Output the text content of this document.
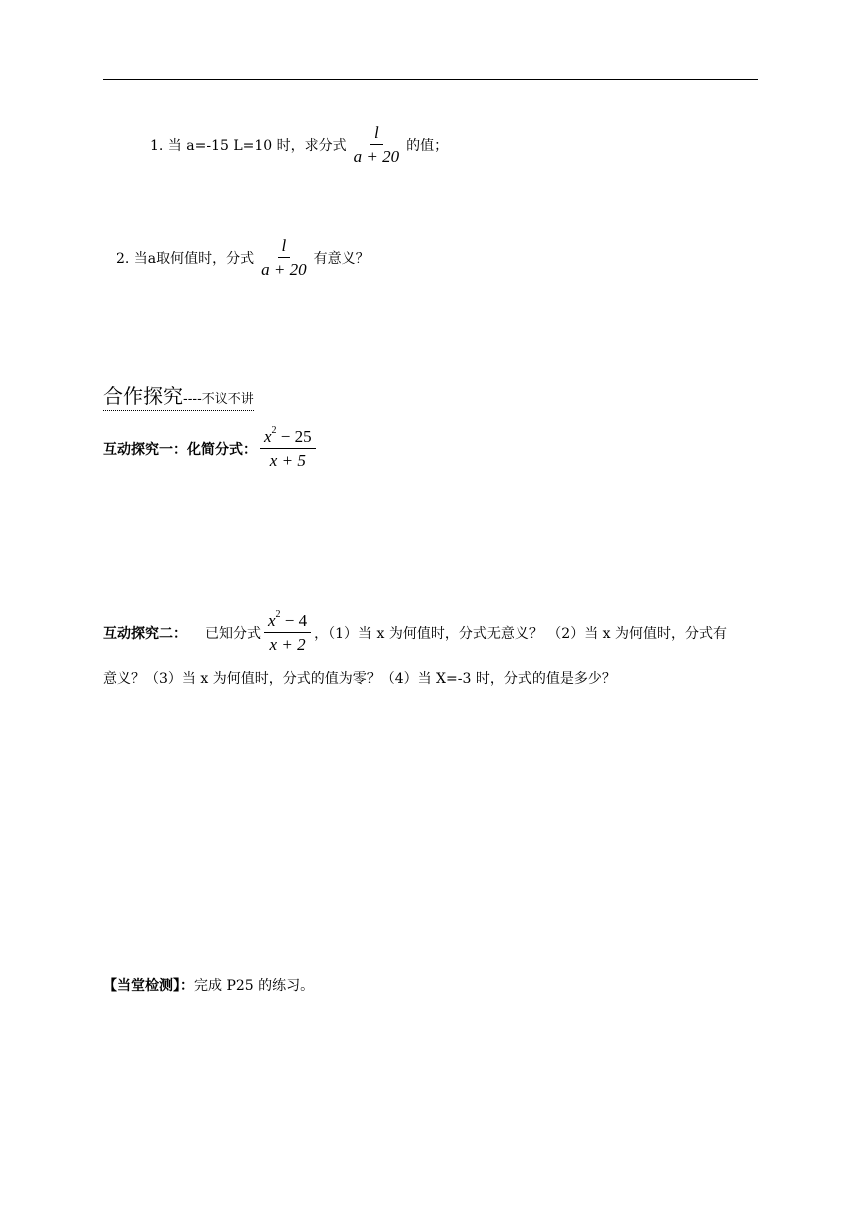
1. 当 a=-15 L=10 时，求分式 $\frac{l}{a + 20}$ 的值；
2. 当a取何值时，分式 $\frac{l}{a + 20}$ 有意义？
合作探究----不议不讲
互动探究一：化简分式： $\frac{x^2 - 25}{x + 5}$
互动探究二： 已知分式 $\frac{x^2 - 4}{x + 2}$ ，（1）当 x 为何值时，分式无意义？ （2）当 x 为何值时，分式有
意义？（3）当 x 为何值时，分式的值为零？（4）当 X=-3 时，分式的值是多少？
【当堂检测】：完成 P25 的练习。
